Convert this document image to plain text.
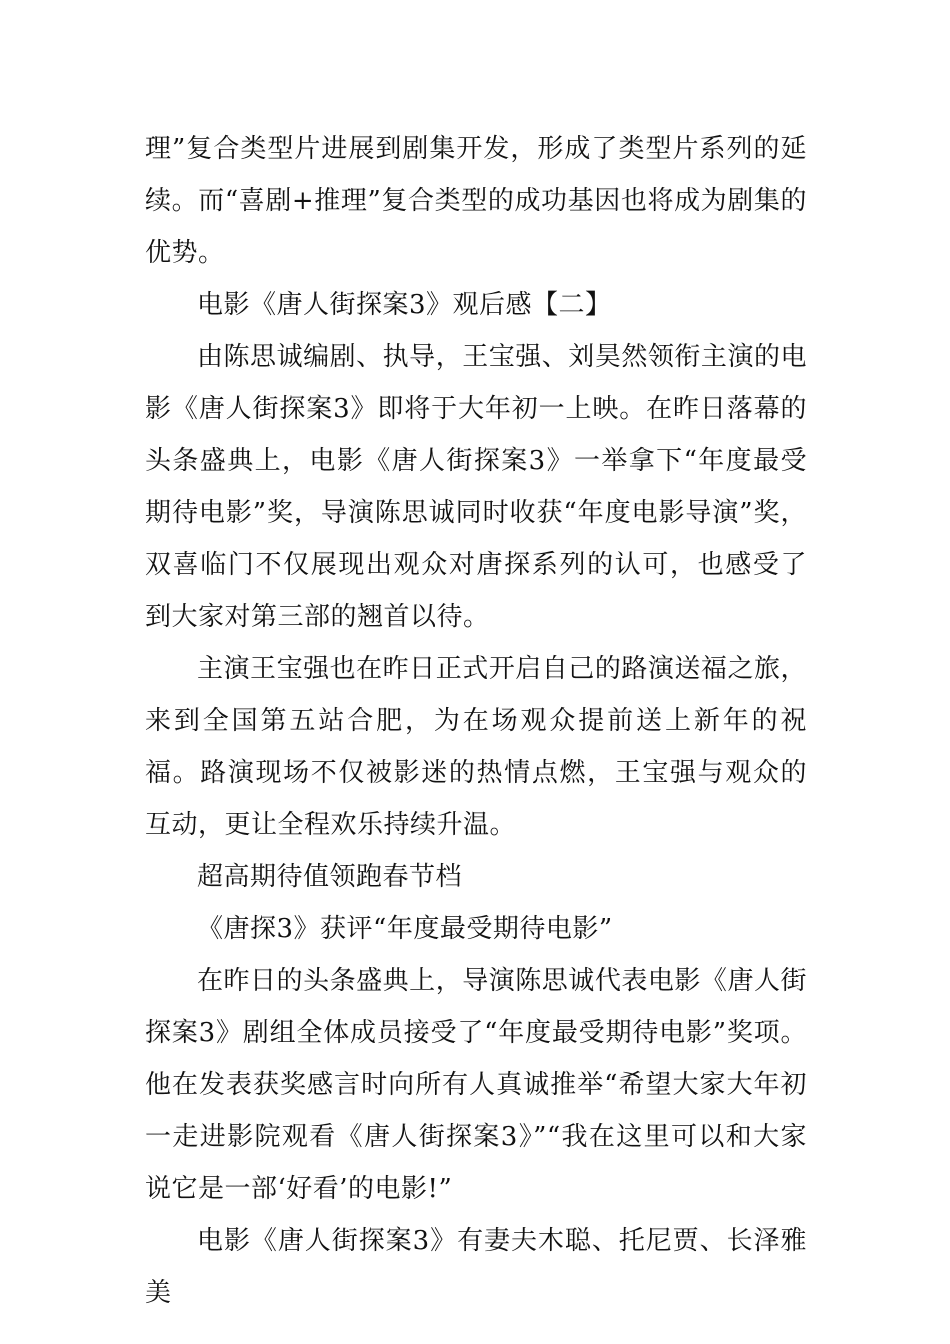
理”复合类型片进展到剧集开发，形成了类型片系列的延续。而“喜剧+推理”复合类型的成功基因也将成为剧集的优势。

电影《唐人街探案3》观后感【二】

由陈思诚编剧、执导，王宝强、刘昊然领衔主演的电影《唐人街探案3》即将于大年初一上映。在昨日落幕的头条盛典上，电影《唐人街探案3》一举拿下“年度最受期待电影”奖，导演陈思诚同时收获“年度电影导演”奖，双喜临门不仅展现出观众对唐探系列的认可，也感受了到大家对第三部的翘首以待。

主演王宝强也在昨日正式开启自己的路演送福之旅，来到全国第五站合肥，为在场观众提前送上新年的祝福。路演现场不仅被影迷的热情点燃，王宝强与观众的互动，更让全程欢乐持续升温。

超高期待值领跑春节档

《唐探3》获评“年度最受期待电影”

在昨日的头条盛典上，导演陈思诚代表电影《唐人街探案3》剧组全体成员接受了“年度最受期待电影”奖项。他在发表获奖感言时向所有人真诚推举“希望大家大年初一走进影院观看《唐人街探案3》”“我在这里可以和大家说它是一部‘好看’的电影!”

电影《唐人街探案3》有妻夫木聪、托尼贾、长泽雅美
